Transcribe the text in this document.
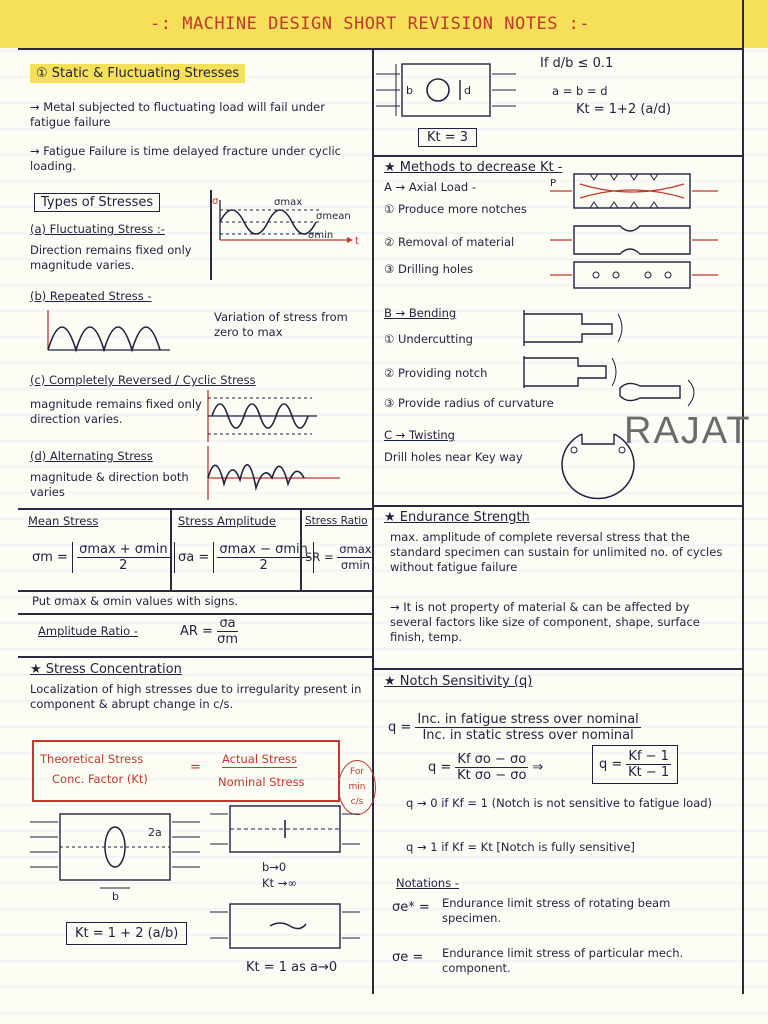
-: MACHINE DESIGN SHORT REVISION NOTES :-
① Static & Fluctuating Stresses
→ Metal subjected to fluctuating load will fail under fatigue failure
→ Fatigue Failure is time delayed fracture under cyclic loading.
Types of Stresses
(a) Fluctuating Stress :-
Direction remains fixed only magnitude varies.
σmax
σmean
σmin
t
σ
(b) Repeated Stress -
Variation of stress from zero to max
(c) Completely Reversed / Cyclic Stress
magnitude remains fixed only direction varies.
(d) Alternating Stress
magnitude & direction both varies
Mean Stress
$\sigma m = \frac{\sigma\max + \sigma\min}{2}$
Stress Amplitude
$\sigma a = \frac{\sigma\max - \sigma\min}{2}$
Stress Ratio
SR = $\frac{\sigma\max}{\sigma\min}$
Put σmax & σmin values with signs.
Amplitude Ratio -	AR = $\frac{\sigma a}{\sigma m}$
★ Stress Concentration
Localization of high stresses due to irregularity present in component & abrupt change in c/s.
Theoretical Stress
Conc. Factor (Kt)
=
Actual Stress
Nominal Stress
For min c/s
2a
b
b→0
Kt →∞
Kt = 1 + 2 (a/b)
Kt = 1 as a→0
b	d
If d/b ≤ 0.1
a = b = d
Kt = 1+2 (a/d)
Kt = 3
★ Methods to decrease Kt -
A → Axial Load -
① Produce more notches
② Removal of material
③ Drilling holes
P
B → Bending
① Undercutting
② Providing notch
③ Provide radius of curvature
C → Twisting
Drill holes near Key way
RAJAT
★ Endurance Strength
max. amplitude of complete reversal stress that the standard specimen can sustain for unlimited no. of cycles without fatigue failure
→ It is not property of material & can be affected by several factors like size of component, shape, surface finish, temp.
★ Notch Sensitivity (q)
$q = \frac{\text{Inc. in fatigue stress over nominal}}{\text{Inc. in static stress over nominal}}$
$q = \frac{\text{Kf σo − σo}}{\text{Kt σo − σo}}$ ⇒	$q = \frac{Kf - 1}{Kt - 1}$
q → 0 if Kf = 1 (Notch is not sensitive to fatigue load)
q → 1 if Kf = Kt [Notch is fully sensitive]
Notations -
σe* = Endurance limit stress of rotating beam specimen.
σe = Endurance limit stress of particular mech. component.
